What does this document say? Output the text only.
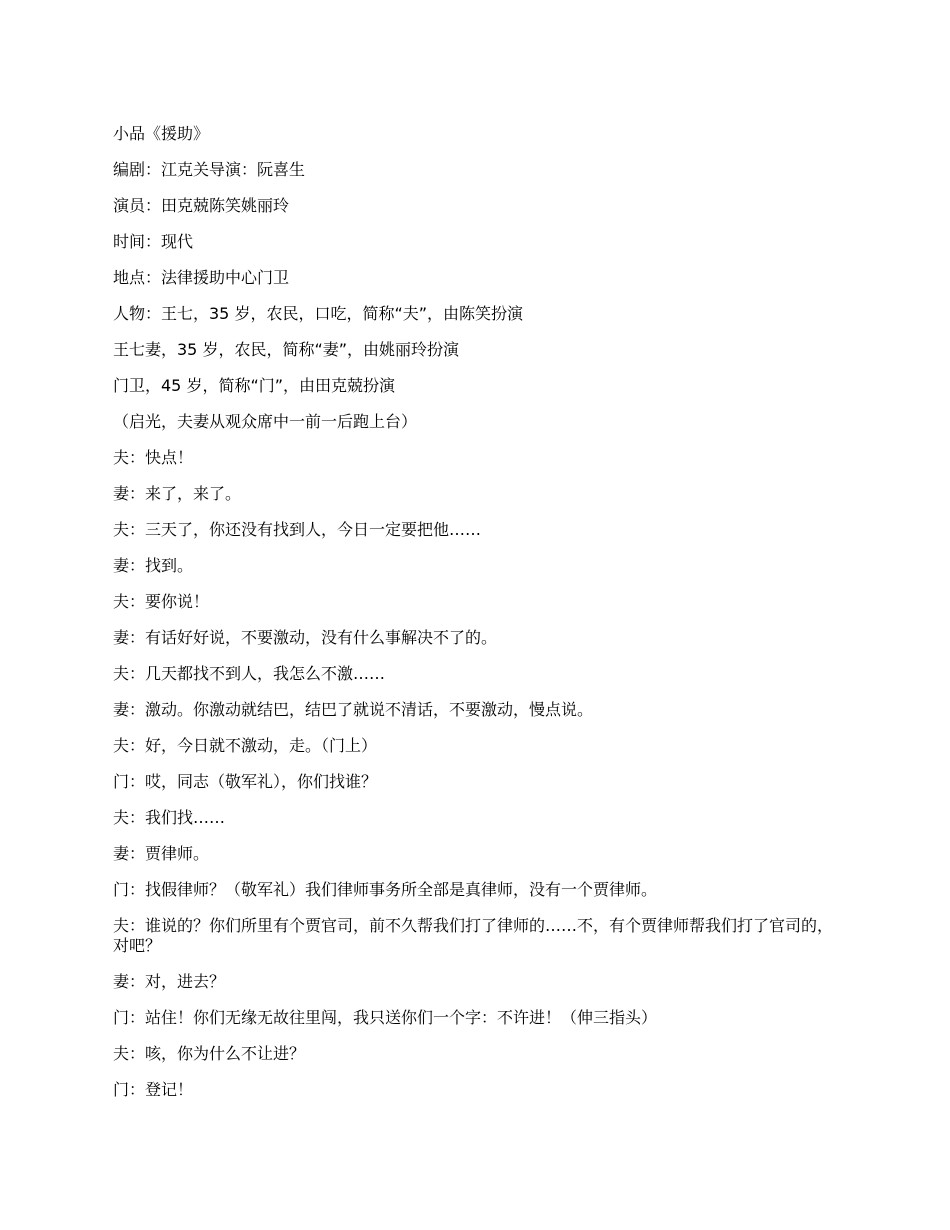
小品《援助》
编剧：江克关导演：阮喜生
演员：田克兢陈笑姚丽玲
时间：现代
地点：法律援助中心门卫
人物：王七，35 岁，农民，口吃，简称“夫”，由陈笑扮演
王七妻，35 岁，农民，简称“妻”，由姚丽玲扮演
门卫，45 岁，简称“门”，由田克兢扮演
（启光，夫妻从观众席中一前一后跑上台）
夫：快点！
妻：来了，来了。
夫：三天了，你还没有找到人，今日一定要把他……
妻：找到。
夫：要你说！
妻：有话好好说，不要激动，没有什么事解决不了的。
夫：几天都找不到人，我怎么不激……
妻：激动。你激动就结巴，结巴了就说不清话，不要激动，慢点说。
夫：好，今日就不激动，走。（门上）
门：哎，同志（敬军礼），你们找谁？
夫：我们找……
妻：贾律师。
门：找假律师？（敬军礼）我们律师事务所全部是真律师，没有一个贾律师。
夫：谁说的？你们所里有个贾官司，前不久帮我们打了律师的……不，有个贾律师帮我们打了官司的，对吧？
妻：对，进去？
门：站住！你们无缘无故往里闯，我只送你们一个字：不许进！（伸三指头）
夫：咳，你为什么不让进？
门：登记！
